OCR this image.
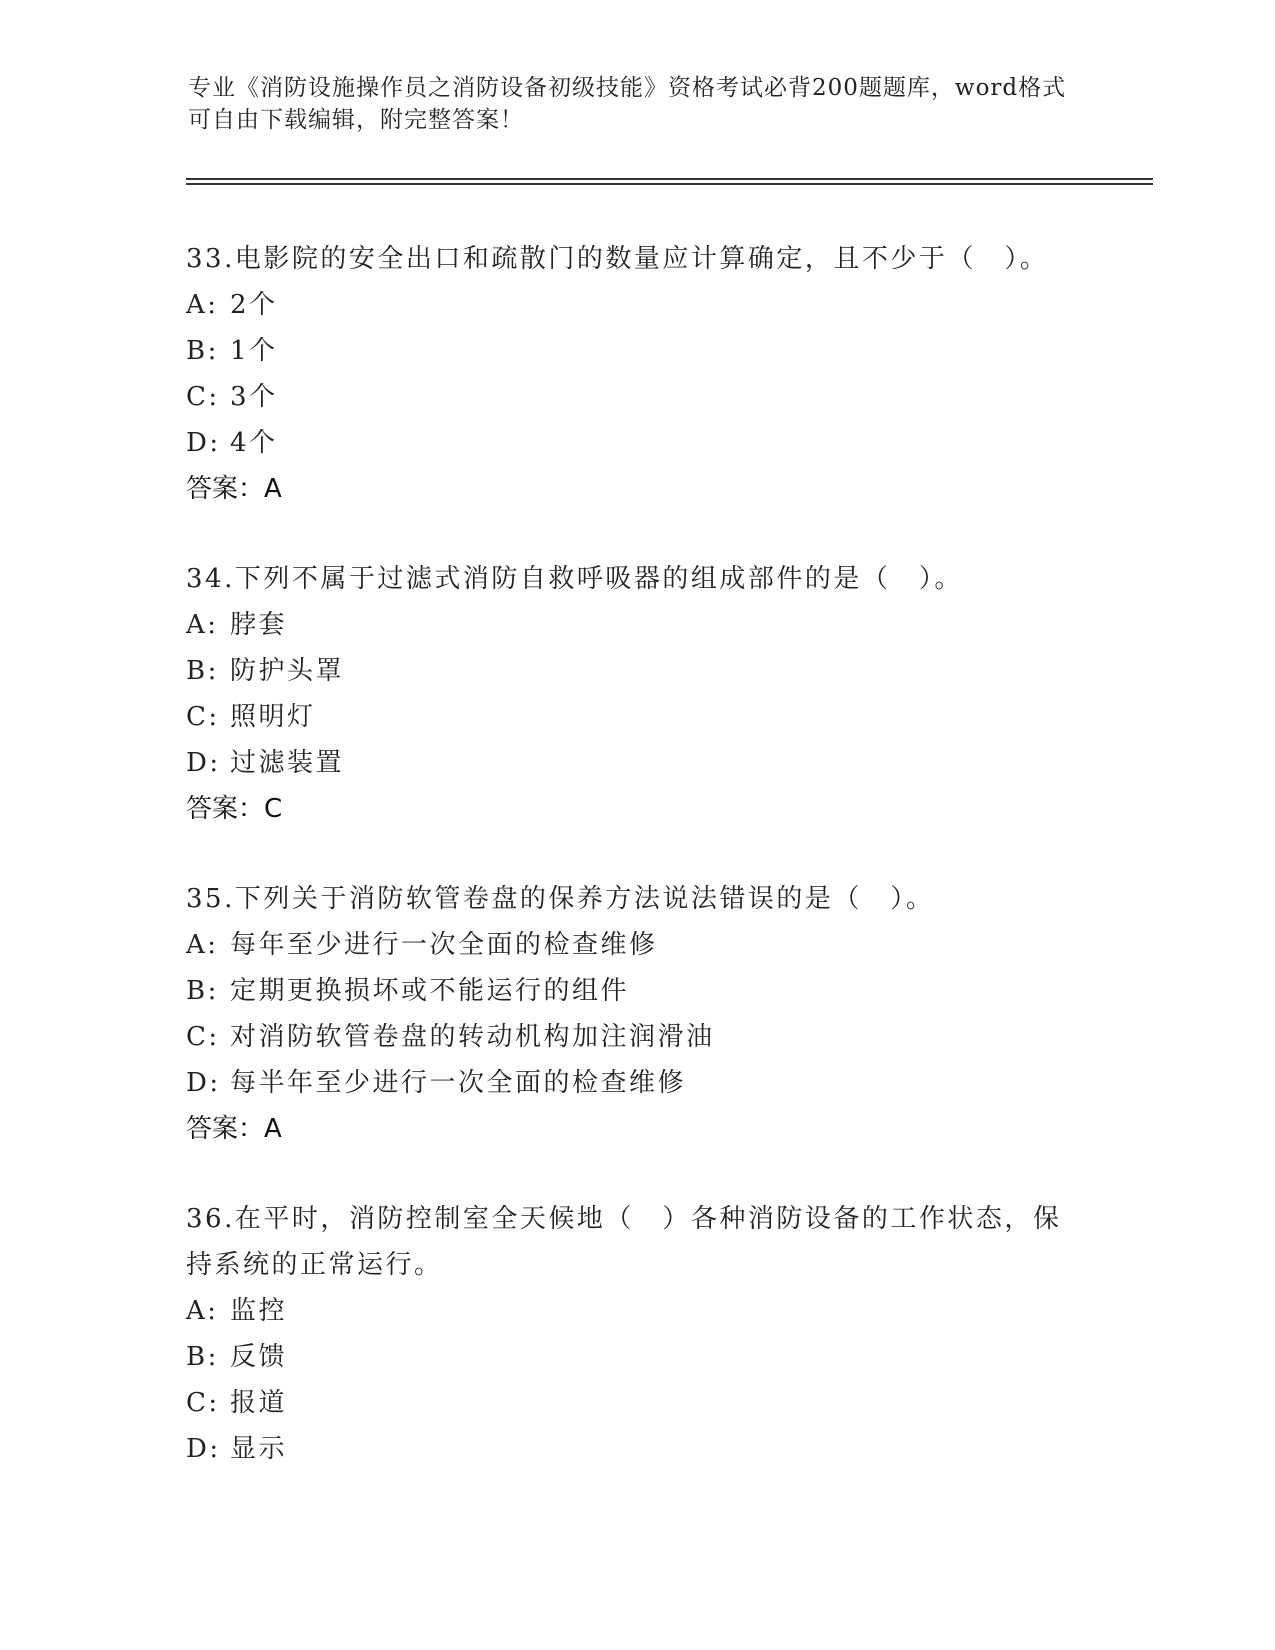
专业《消防设施操作员之消防设备初级技能》资格考试必背200题题库，word格式可自由下载编辑，附完整答案！

33.电影院的安全出口和疏散门的数量应计算确定，且不少于（　）。

A: 2个

B: 1个

C: 3个

D: 4个

答案：A

34.下列不属于过滤式消防自救呼吸器的组成部件的是（　）。

A: 脖套

B: 防护头罩

C: 照明灯

D: 过滤装置

答案：C

35.下列关于消防软管卷盘的保养方法说法错误的是（　）。

A: 每年至少进行一次全面的检查维修

B: 定期更换损坏或不能运行的组件

C: 对消防软管卷盘的转动机构加注润滑油

D: 每半年至少进行一次全面的检查维修

答案：A

36.在平时，消防控制室全天候地（　）各种消防设备的工作状态，保持系统的正常运行。

A: 监控

B: 反馈

C: 报道

D: 显示
